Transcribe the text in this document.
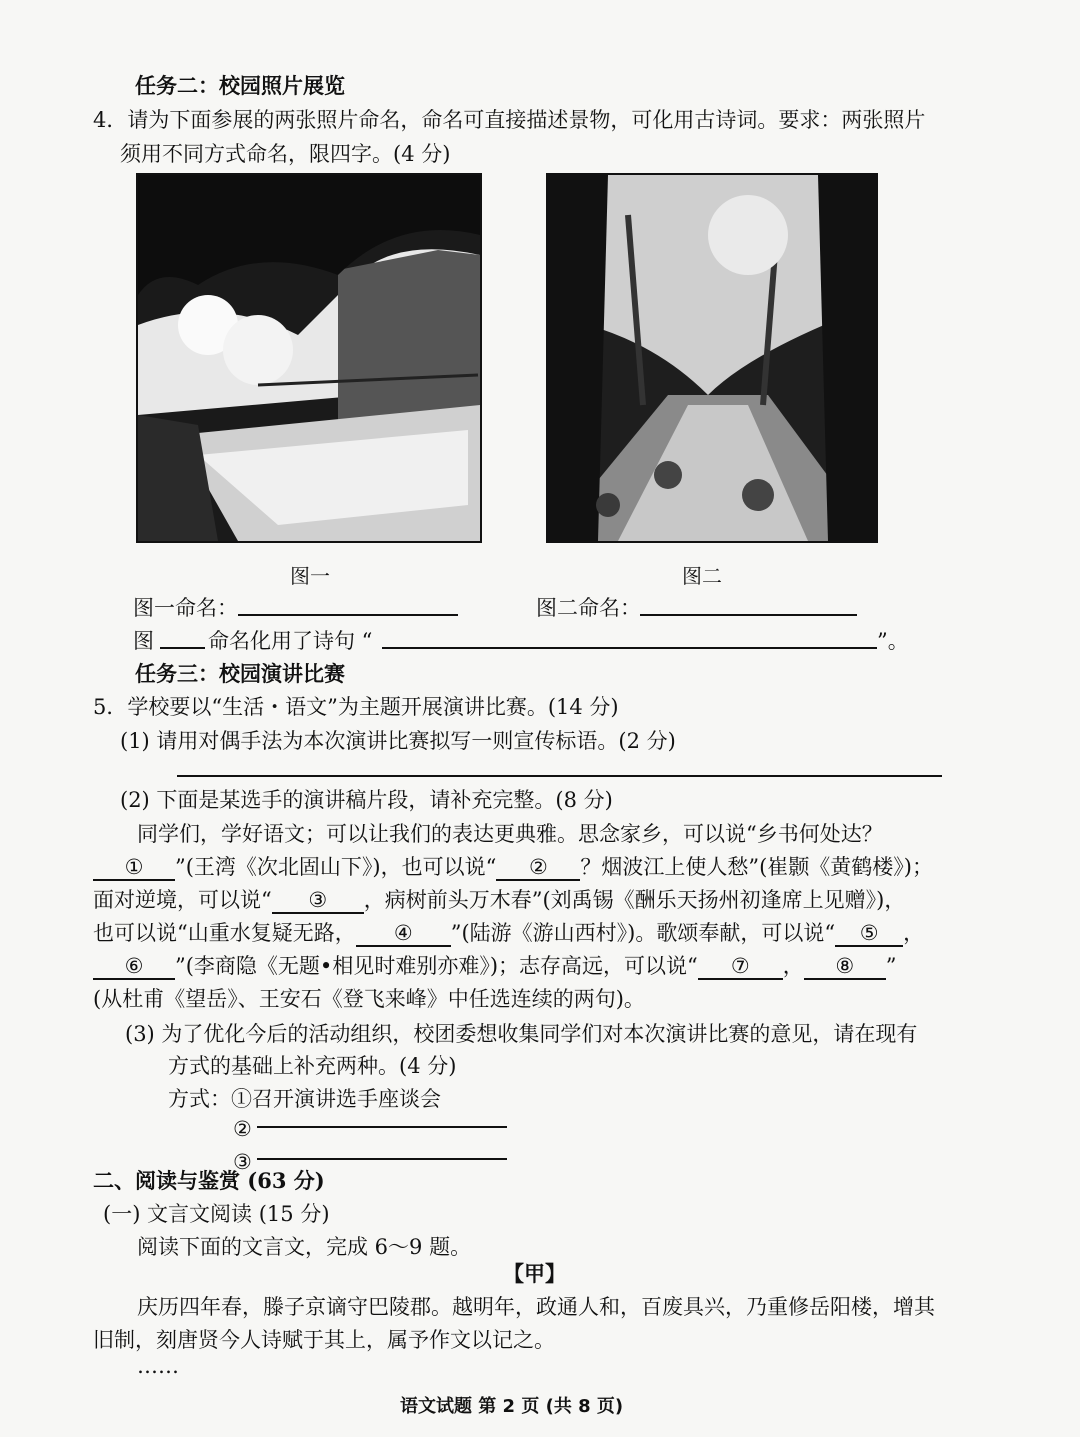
任务二：校园照片展览
4．请为下面参展的两张照片命名，命名可直接描述景物，可化用古诗词。要求：两张照片
须用不同方式命名，限四字。(4 分)
图一	图二
图一命名：	图二命名：
图	命名化用了诗句 “	”。
任务三：校园演讲比赛
5．学校要以“生活・语文”为主题开展演讲比赛。(14 分)
(1) 请用对偶手法为本次演讲比赛拟写一则宣传标语。(2 分)
(2) 下面是某选手的演讲稿片段，请补充完整。(8 分)
同学们，学好语文；可以让我们的表达更典雅。思念家乡，可以说“乡书何处达？
① ”(王湾《次北固山下》)，也可以说“ ② ？烟波江上使人愁”(崔颢《黄鹤楼》)；
面对逆境，可以说“ ③ ，病树前头万木春”(刘禹锡《酬乐天扬州初逢席上见赠》)，
也可以说“山重水复疑无路， ④ ”(陆游《游山西村》)。歌颂奉献，可以说“ ⑤ ，
⑥ ”(李商隐《无题•相见时难别亦难》)；志存高远，可以说“ ⑦ ， ⑧ ”
(从杜甫《望岳》、王安石《登飞来峰》中任选连续的两句)。
(3) 为了优化今后的活动组织，校团委想收集同学们对本次演讲比赛的意见，请在现有
方式的基础上补充两种。(4 分)
方式：①召开演讲选手座谈会
②
③
二、阅读与鉴赏 (63 分)
(一) 文言文阅读 (15 分)
阅读下面的文言文，完成 6～9 题。
【甲】
庆历四年春，滕子京谪守巴陵郡。越明年，政通人和，百废具兴，乃重修岳阳楼，增其
旧制，刻唐贤今人诗赋于其上，属予作文以记之。
……
语文试题 第 2 页 (共 8 页)
